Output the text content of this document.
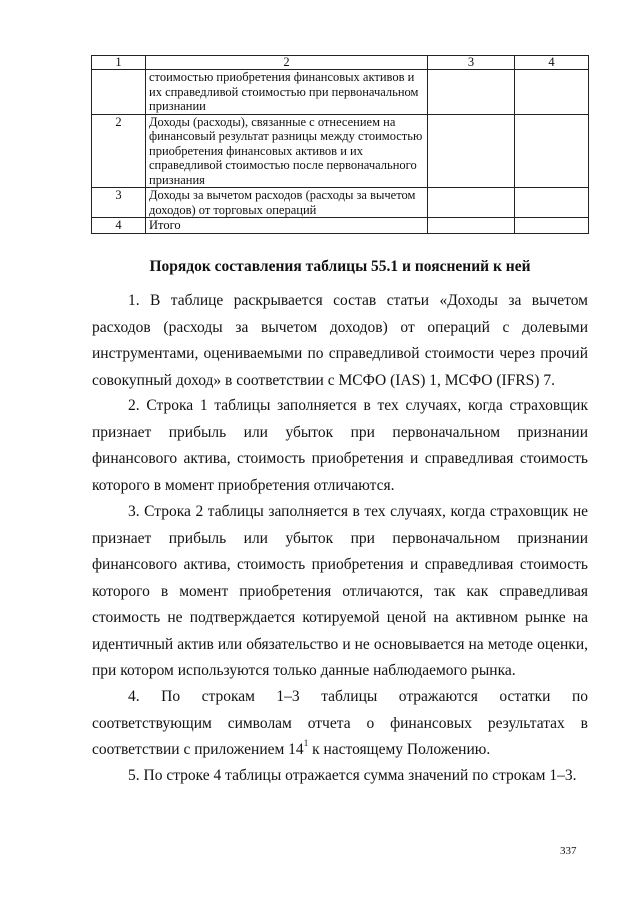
1	2	3	4
	стоимостью приобретения финансовых активов и их справедливой стоимостью при первоначальном признании		
2	Доходы (расходы), связанные с отнесением на финансовый результат разницы между стоимостью приобретения финансовых активов и их справедливой стоимостью после первоначального признания		
3	Доходы за вычетом расходов (расходы за вычетом доходов) от торговых операций		
4	Итого		
Порядок составления таблицы 55.1 и пояснений к ней
1. В таблице раскрывается состав статьи «Доходы за вычетом расходов (расходы за вычетом доходов) от операций с долевыми инструментами, оцениваемыми по справедливой стоимости через прочий совокупный доход» в соответствии с МСФО (IAS) 1, МСФО (IFRS) 7.
2. Строка 1 таблицы заполняется в тех случаях, когда страховщик признает прибыль или убыток при первоначальном признании финансового актива, стоимость приобретения и справедливая стоимость которого в момент приобретения отличаются.
3. Строка 2 таблицы заполняется в тех случаях, когда страховщик не признает прибыль или убыток при первоначальном признании финансового актива, стоимость приобретения и справедливая стоимость которого в момент приобретения отличаются, так как справедливая стоимость не подтверждается котируемой ценой на активном рынке на идентичный актив или обязательство и не основывается на методе оценки, при котором используются только данные наблюдаемого рынка.
4. По строкам 1–3 таблицы отражаются остатки по соответствующим символам отчета о финансовых результатах в соответствии с приложением $14^1$ к настоящему Положению.
5. По строке 4 таблицы отражается сумма значений по строкам 1–3.
337
